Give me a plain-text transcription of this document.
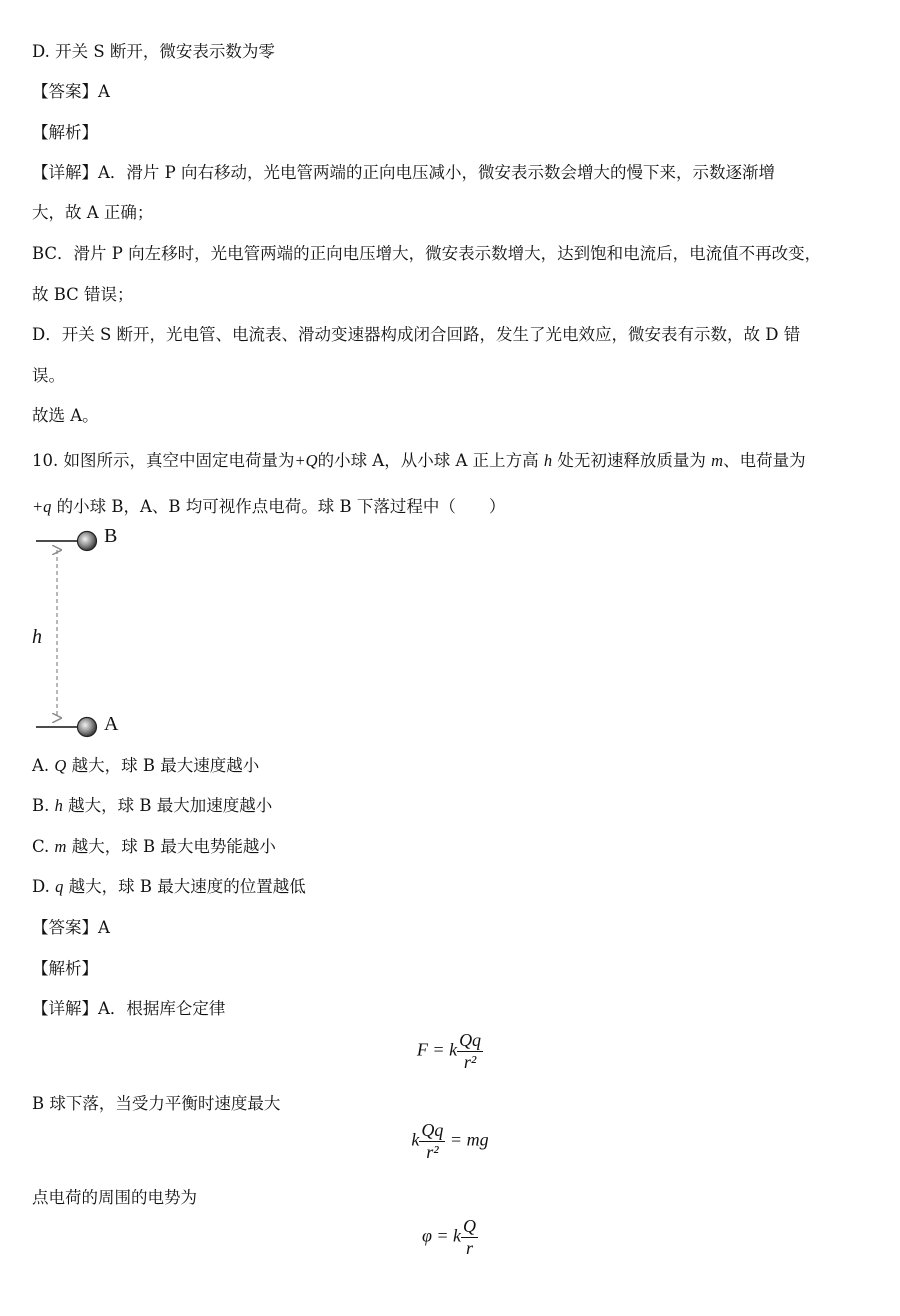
D. 开关 S 断开，微安表示数为零
【答案】A
【解析】
【详解】A．滑片 P 向右移动，光电管两端的正向电压减小，微安表示数会增大的慢下来，示数逐渐增
大，故 A 正确；
BC．滑片 P 向左移时，光电管两端的正向电压增大，微安表示数增大，达到饱和电流后，电流值不再改变，
故 BC 错误；
D．开关 S 断开，光电管、电流表、滑动变速器构成闭合回路，发生了光电效应，微安表有示数，故 D 错
误。
故选 A。
10. 如图所示，真空中固定电荷量为+Q的小球 A，从小球 A 正上方高 h 处无初速释放质量为 m、电荷量为
+q 的小球 B，A、B 均可视作点电荷。球 B 下落过程中（　　）
B
A
h
A. Q 越大，球 B 最大速度越小
B. h 越大，球 B 最大加速度越小
C. m 越大，球 B 最大电势能越小
D. q 越大，球 B 最大速度的位置越低
【答案】A
【解析】
【详解】A．根据库仑定律
F = k $\frac{Qq}{\text{r²}}$
B 球下落，当受力平衡时速度最大
k $\frac{Qq}{\text{r²}}$ = mg
点电荷的周围的电势为
φ = k $\frac{Q}{r}$
